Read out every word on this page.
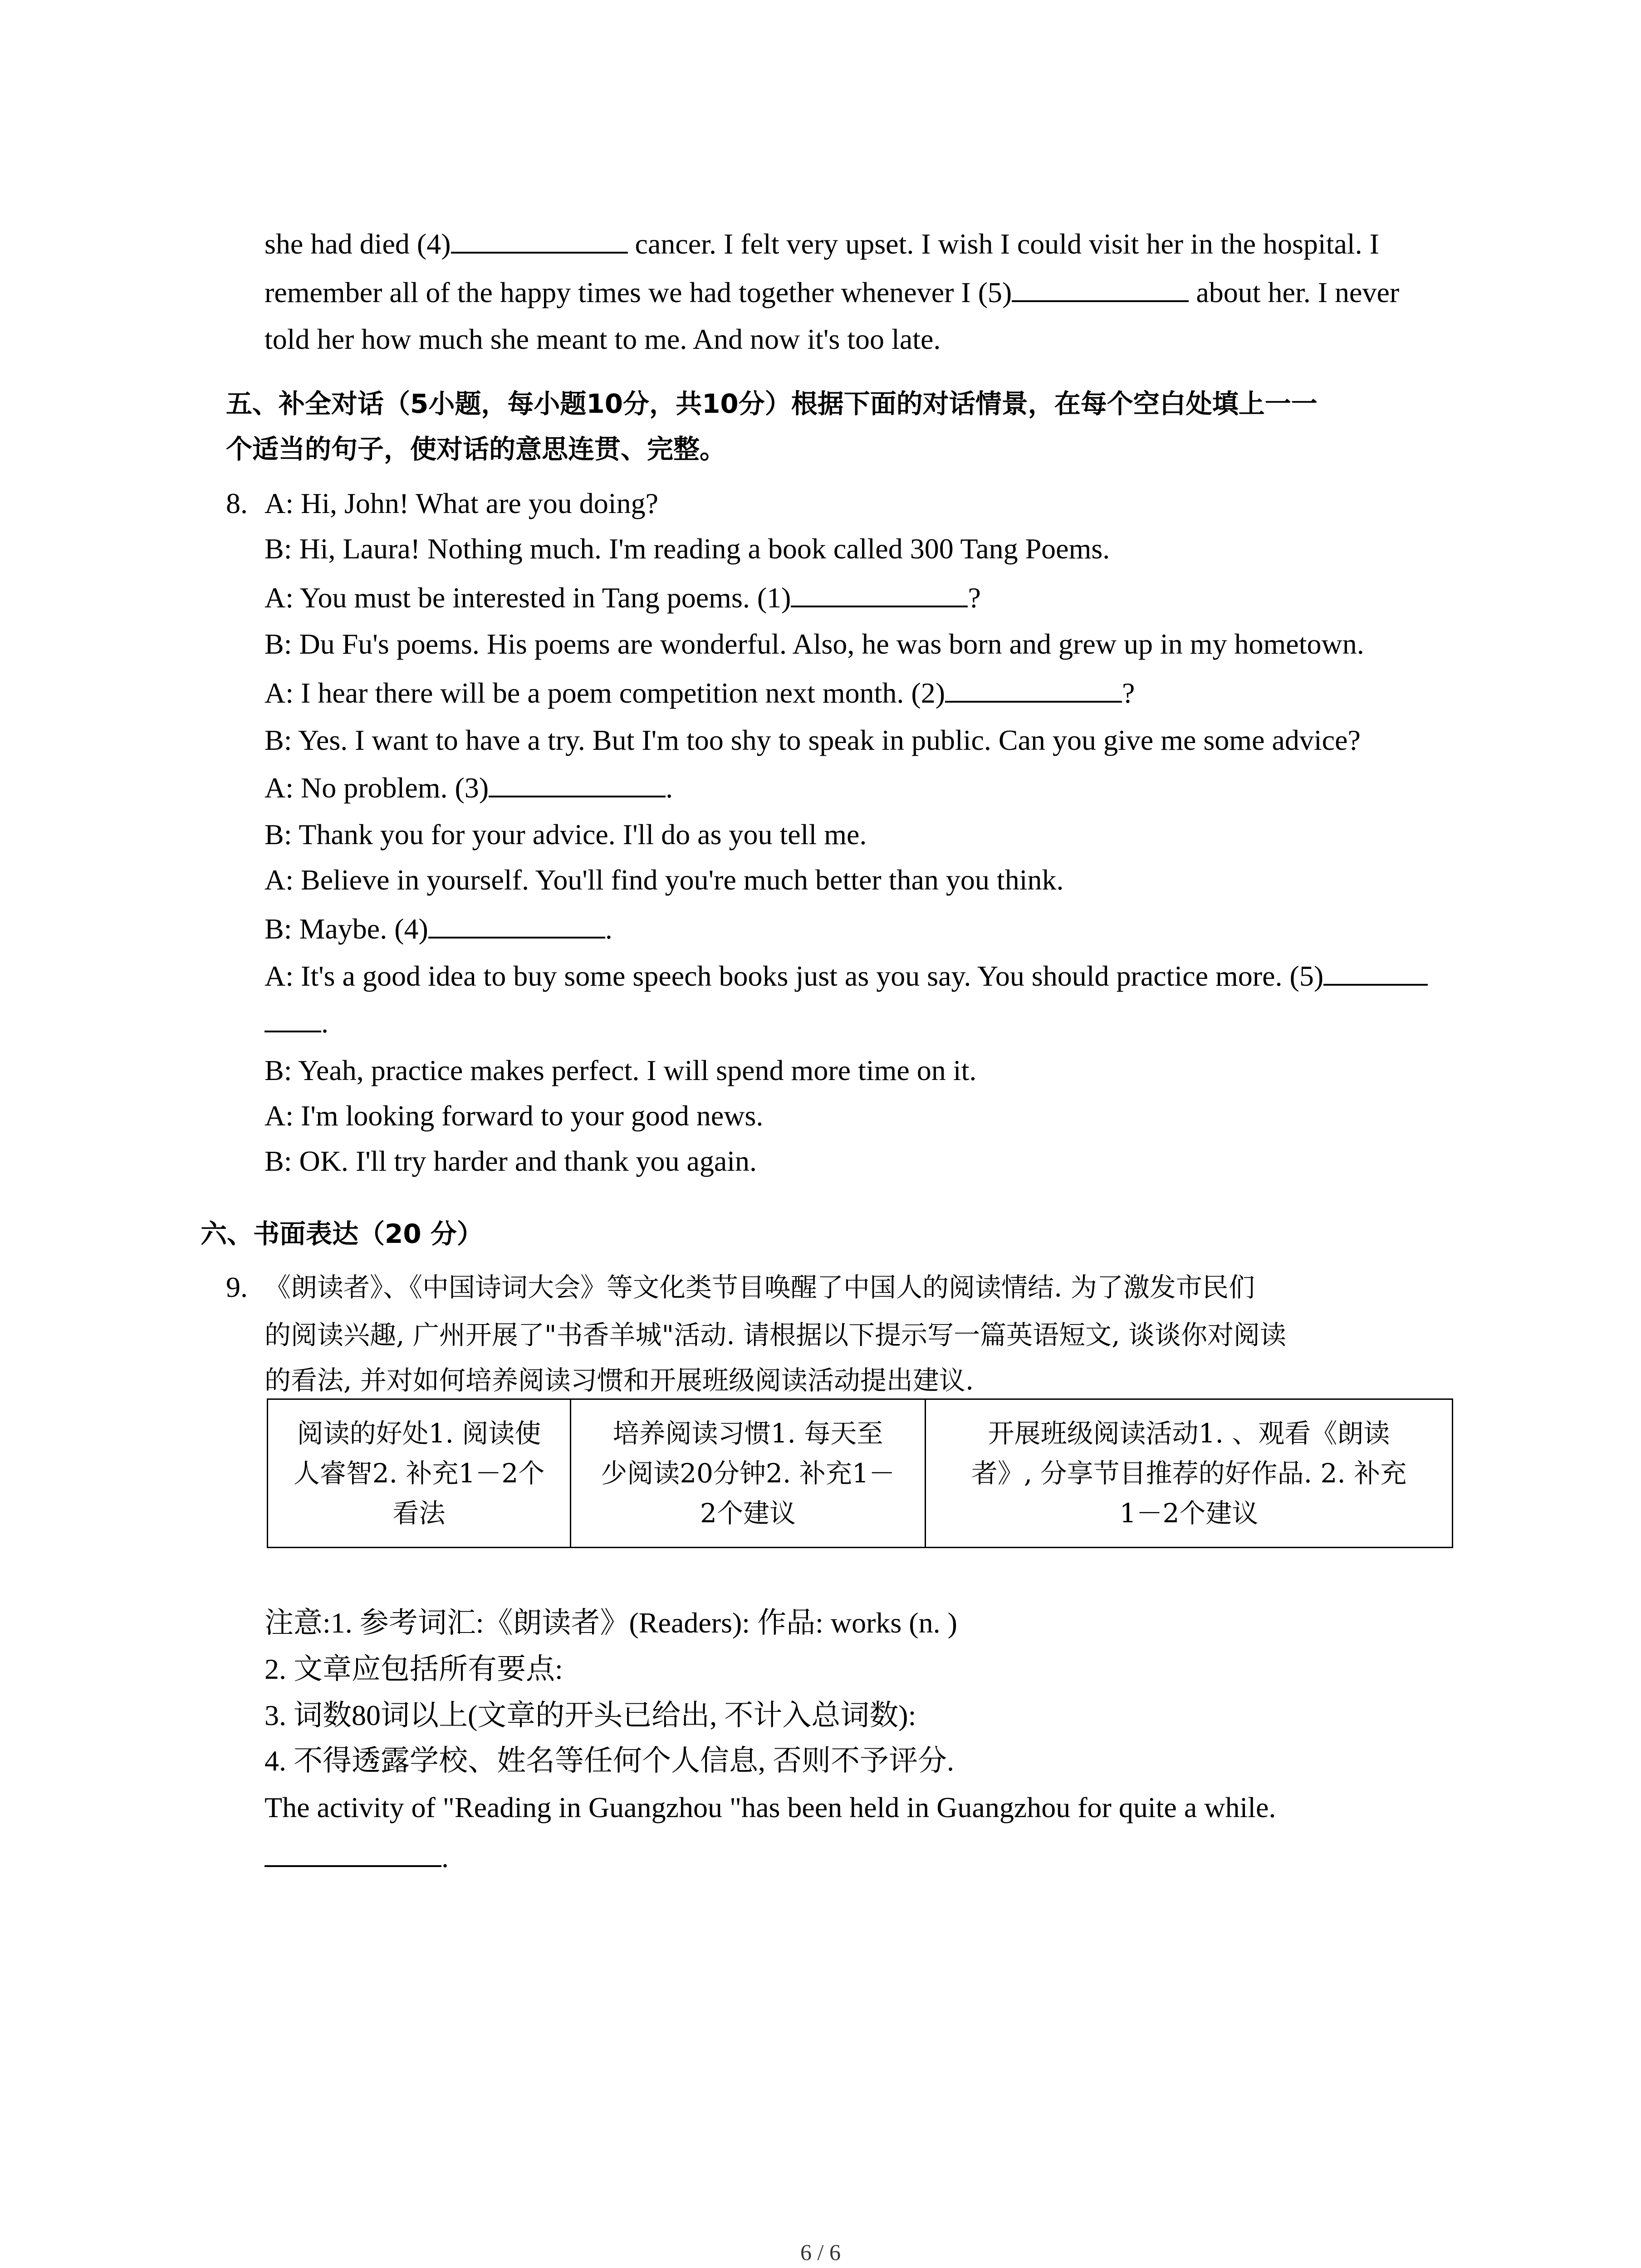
she had died (4)	cancer. I felt very upset. I wish I could visit her in the hospital. I
remember all of the happy times we had together whenever I (5)	about her. I never
told her how much she meant to me. And now it's too late.
五、补全对话（5小题，每小题10分，共10分）根据下面的对话情景，在每个空白处填上一一
个适当的句子，使对话的意思连贯、完整。
8. A: Hi, John! What are you doing?
B: Hi, Laura! Nothing much. I'm reading a book called 300 Tang Poems.
A: You must be interested in Tang poems. (1)	?
B: Du Fu's poems. His poems are wonderful. Also, he was born and grew up in my hometown.
A: I hear there will be a poem competition next month. (2)	?
B: Yes. I want to have a try. But I'm too shy to speak in public. Can you give me some advice?
A: No problem. (3)	.
B: Thank you for your advice. I'll do as you tell me.
A: Believe in yourself. You'll find you're much better than you think.
B: Maybe. (4)	.
A: It's a good idea to buy some speech books just as you say. You should practice more. (5)
.
B: Yeah, practice makes perfect. I will spend more time on it.
A: I'm looking forward to your good news.
B: OK. I'll try harder and thank you again.
六、书面表达（20 分）
9. 《朗读者》、《中国诗词大会》等文化类节目唤醒了中国人的阅读情结. 为了激发市民们
的阅读兴趣, 广州开展了"书香羊城"活动. 请根据以下提示写一篇英语短文, 谈谈你对阅读
的看法, 并对如何培养阅读习惯和开展班级阅读活动提出建议.
阅读的好处1. 阅读使
人睿智2. 补充1－2个
看法	培养阅读习惯1. 每天至
少阅读20分钟2. 补充1－
2个建议	开展班级阅读活动1. 、观看《朗读
者》, 分享节目推荐的好作品. 2. 补充
1－2个建议
注意:1. 参考词汇:《朗读者》(Readers): 作品: works (n. )
2. 文章应包括所有要点:
3. 词数80词以上(文章的开头已给出, 不计入总词数):
4. 不得透露学校、姓名等任何个人信息, 否则不予评分.
The activity of "Reading in Guangzhou "has been held in Guangzhou for quite a while.
.
6 / 6
